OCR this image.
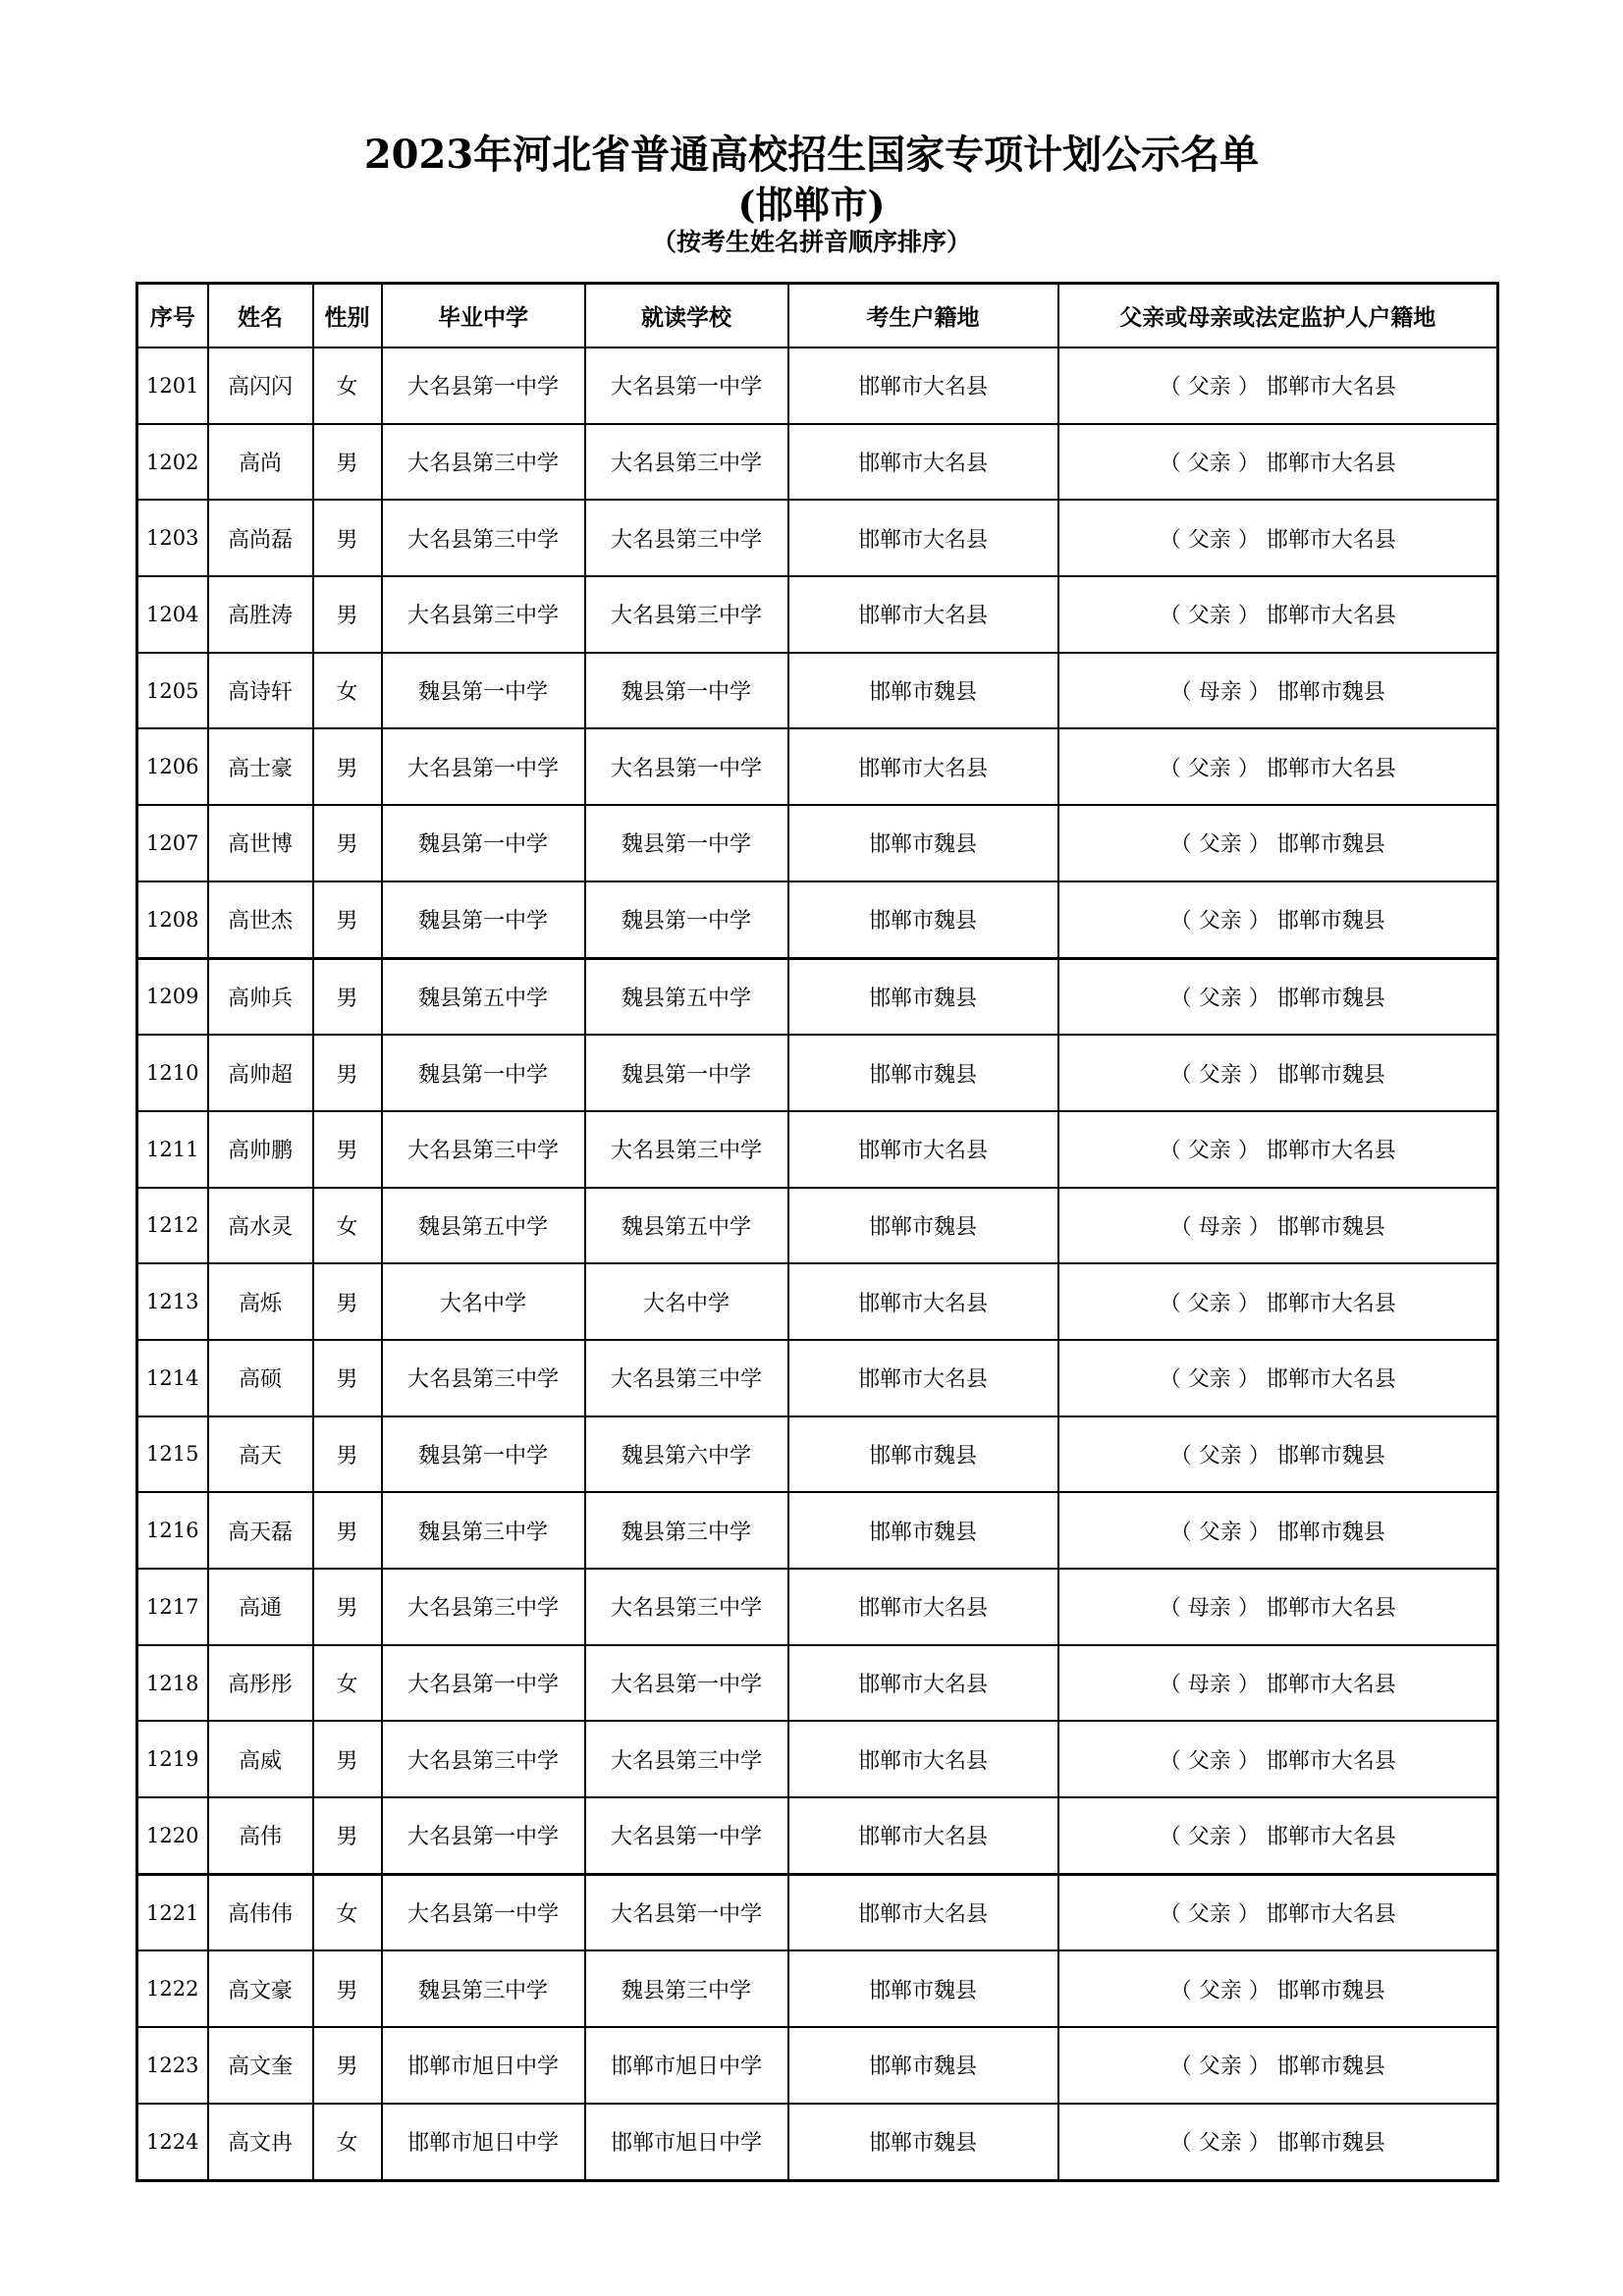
2023年河北省普通高校招生国家专项计划公示名单
(邯郸市)
（按考生姓名拼音顺序排序）
序号	姓名	性别	毕业中学	就读学校	考生户籍地	父亲或母亲或法定监护人户籍地
1201	高闪闪	女	大名县第一中学	大名县第一中学	邯郸市大名县	（ 父亲 ） 邯郸市大名县
1202	高尚	男	大名县第三中学	大名县第三中学	邯郸市大名县	（ 父亲 ） 邯郸市大名县
1203	高尚磊	男	大名县第三中学	大名县第三中学	邯郸市大名县	（ 父亲 ） 邯郸市大名县
1204	高胜涛	男	大名县第三中学	大名县第三中学	邯郸市大名县	（ 父亲 ） 邯郸市大名县
1205	高诗轩	女	魏县第一中学	魏县第一中学	邯郸市魏县	（ 母亲 ） 邯郸市魏县
1206	高士豪	男	大名县第一中学	大名县第一中学	邯郸市大名县	（ 父亲 ） 邯郸市大名县
1207	高世博	男	魏县第一中学	魏县第一中学	邯郸市魏县	（ 父亲 ） 邯郸市魏县
1208	高世杰	男	魏县第一中学	魏县第一中学	邯郸市魏县	（ 父亲 ） 邯郸市魏县
1209	高帅兵	男	魏县第五中学	魏县第五中学	邯郸市魏县	（ 父亲 ） 邯郸市魏县
1210	高帅超	男	魏县第一中学	魏县第一中学	邯郸市魏县	（ 父亲 ） 邯郸市魏县
1211	高帅鹏	男	大名县第三中学	大名县第三中学	邯郸市大名县	（ 父亲 ） 邯郸市大名县
1212	高水灵	女	魏县第五中学	魏县第五中学	邯郸市魏县	（ 母亲 ） 邯郸市魏县
1213	高烁	男	大名中学	大名中学	邯郸市大名县	（ 父亲 ） 邯郸市大名县
1214	高硕	男	大名县第三中学	大名县第三中学	邯郸市大名县	（ 父亲 ） 邯郸市大名县
1215	高天	男	魏县第一中学	魏县第六中学	邯郸市魏县	（ 父亲 ） 邯郸市魏县
1216	高天磊	男	魏县第三中学	魏县第三中学	邯郸市魏县	（ 父亲 ） 邯郸市魏县
1217	高通	男	大名县第三中学	大名县第三中学	邯郸市大名县	（ 母亲 ） 邯郸市大名县
1218	高彤彤	女	大名县第一中学	大名县第一中学	邯郸市大名县	（ 母亲 ） 邯郸市大名县
1219	高威	男	大名县第三中学	大名县第三中学	邯郸市大名县	（ 父亲 ） 邯郸市大名县
1220	高伟	男	大名县第一中学	大名县第一中学	邯郸市大名县	（ 父亲 ） 邯郸市大名县
1221	高伟伟	女	大名县第一中学	大名县第一中学	邯郸市大名县	（ 父亲 ） 邯郸市大名县
1222	高文豪	男	魏县第三中学	魏县第三中学	邯郸市魏县	（ 父亲 ） 邯郸市魏县
1223	高文奎	男	邯郸市旭日中学	邯郸市旭日中学	邯郸市魏县	（ 父亲 ） 邯郸市魏县
1224	高文冉	女	邯郸市旭日中学	邯郸市旭日中学	邯郸市魏县	（ 父亲 ） 邯郸市魏县
